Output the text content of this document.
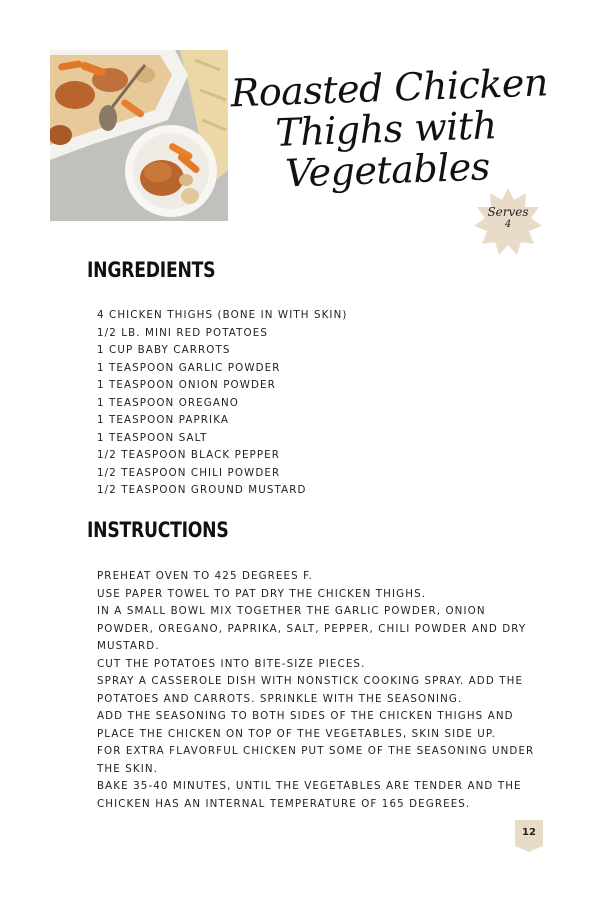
Roasted Chicken
Thighs with
Vegetables
Serves
4
INGREDIENTS
4 CHICKEN THIGHS (BONE IN WITH SKIN)
1/2 LB. MINI RED POTATOES
1 CUP BABY CARROTS
1 TEASPOON GARLIC POWDER
1 TEASPOON ONION POWDER
1 TEASPOON OREGANO
1 TEASPOON PAPRIKA
1 TEASPOON SALT
1/2 TEASPOON BLACK PEPPER
1/2 TEASPOON CHILI POWDER
1/2 TEASPOON GROUND MUSTARD
INSTRUCTIONS
PREHEAT OVEN TO 425 DEGREES F.
USE PAPER TOWEL TO PAT DRY THE CHICKEN THIGHS.
IN A SMALL BOWL MIX TOGETHER THE GARLIC POWDER, ONION POWDER, OREGANO, PAPRIKA, SALT, PEPPER, CHILI POWDER AND DRY MUSTARD.
CUT THE POTATOES INTO BITE-SIZE PIECES.
SPRAY A CASSEROLE DISH WITH NONSTICK COOKING SPRAY. ADD THE POTATOES AND CARROTS. SPRINKLE WITH THE SEASONING.
ADD THE SEASONING TO BOTH SIDES OF THE CHICKEN THIGHS AND PLACE THE CHICKEN ON TOP OF THE VEGETABLES, SKIN SIDE UP.
FOR EXTRA FLAVORFUL CHICKEN PUT SOME OF THE SEASONING UNDER THE SKIN.
BAKE 35-40 MINUTES, UNTIL THE VEGETABLES ARE TENDER AND THE CHICKEN HAS AN INTERNAL TEMPERATURE OF 165 DEGREES.
12
